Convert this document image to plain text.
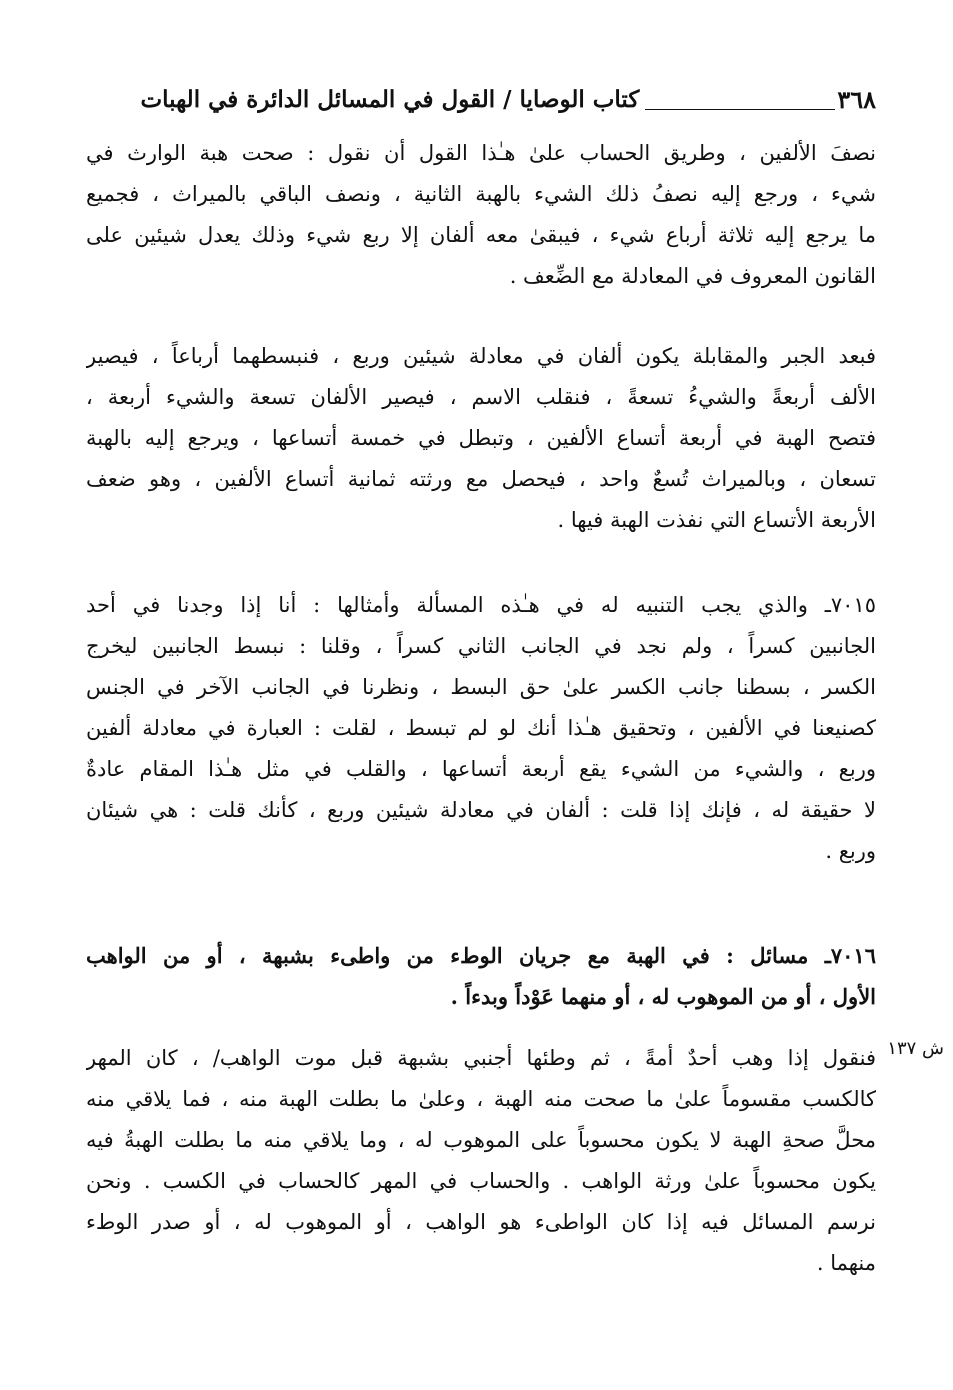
٣٦٨
كتاب الوصايا / القول في المسائل الدائرة في الهبات
نصفَ الألفين ، وطريق الحساب علىٰ هـٰذا القول أن نقول : صحت هبة الوارث في
شيء ، ورجع إليه نصفُ ذلك الشيء بالهبة الثانية ، ونصف الباقي بالميراث ، فجميع
ما يرجع إليه ثلاثة أرباع شيء ، فيبقىٰ معه ألفان إلا ربع شيء وذلك يعدل شيئين على
القانون المعروف في المعادلة مع الضِّعف .
فبعد الجبر والمقابلة يكون ألفان في معادلة شيئين وربع ، فنبسطهما أرباعاً ، فيصير
الألف أربعةً والشيءُ تسعةً ، فنقلب الاسم ، فيصير الألفان تسعة والشيء أربعة ،
فتصح الهبة في أربعة أتساع الألفين ، وتبطل في خمسة أتساعها ، ويرجع إليه بالهبة
تسعان ، وبالميراث تُسعٌ واحد ، فيحصل مع ورثته ثمانية أتساع الألفين ، وهو ضعف
الأربعة الأتساع التي نفذت الهبة فيها .
٧٠١٥ـ والذي يجب التنبيه له في هـٰذه المسألة وأمثالها : أنا إذا وجدنا في أحد
الجانبين كسراً ، ولم نجد في الجانب الثاني كسراً ، وقلنا : نبسط الجانبين ليخرج
الكسر ، بسطنا جانب الكسر علىٰ حق البسط ، ونظرنا في الجانب الآخر في الجنس
كصنيعنا في الألفين ، وتحقيق هـٰذا أنك لو لم تبسط ، لقلت : العبارة في معادلة ألفين
وربع ، والشيء من الشيء يقع أربعة أتساعها ، والقلب في مثل هـٰذا المقام عادةٌ
لا حقيقة له ، فإنك إذا قلت : ألفان في معادلة شيئين وربع ، كأنك قلت : هي شيئان
وربع .
٧٠١٦ـ مسائل : في الهبة مع جريان الوطء من واطىء بشبهة ، أو من الواهب
الأول ، أو من الموهوب له ، أو منهما عَوْداً وبدءاً .
فنقول إذا وهب أحدٌ أمةً ، ثم وطئها أجنبي بشبهة قبل موت الواهب/ ، كان المهر
كالكسب مقسوماً علىٰ ما صحت منه الهبة ، وعلىٰ ما بطلت الهبة منه ، فما يلاقي منه
محلَّ صحةِ الهبة لا يكون محسوباً على الموهوب له ، وما يلاقي منه ما بطلت الهبةُ فيه
يكون محسوباً علىٰ ورثة الواهب . والحساب في المهر كالحساب في الكسب . ونحن
نرسم المسائل فيه إذا كان الواطىء هو الواهب ، أو الموهوب له ، أو صدر الوطء
منهما .
ش ١٣٧
